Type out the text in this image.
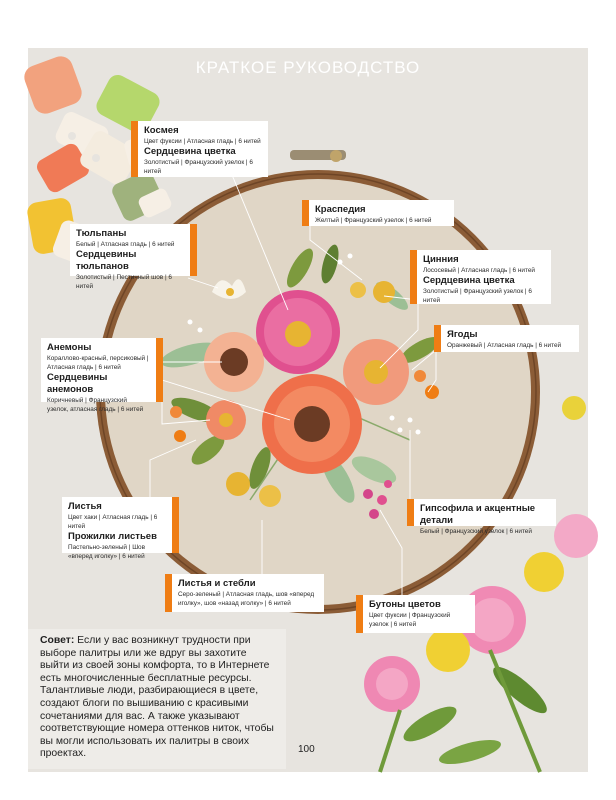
КРАТКОЕ РУКОВОДСТВО
Космея
Цвет фуксии | Атласная гладь | 6 нитей
Сердцевина цветка
Золотистый | Французский узелок | 6 нитей
Тюльпаны
Белый | Атласная гладь | 6 нитей
Сердцевины тюльпанов
Золотистый | Пестичный шов | 6 нитей
Краспедия
Желтый | Французский узелок | 6 нитей
Цинния
Лососевый | Атласная гладь | 6 нитей
Сердцевина цветка
Золотистый | Французский узелок | 6 нитей
Ягоды
Оранжевый | Атласная гладь | 6 нитей
Анемоны
Кораллово-красный, персиковый | Атласная гладь | 6 нитей
Сердцевины анемонов
Коричневый | Французский узелок, атласная гладь | 6 нитей
Листья
Цвет хаки | Атласная гладь | 6 нитей
Прожилки листьев
Пастельно-зеленый | Шов «вперед иголку» | 6 нитей
Гипсофила и акцентные детали
Белый | Французский узелок | 6 нитей
Листья и стебли
Серо-зеленый | Атласная гладь, шов «вперед иголку», шов «назад иголку» | 6 нитей	Бутоны цветов
Цвет фуксии | Французский узелок | 6 нитей

Совет: Если у вас возникнут трудности при выборе палитры или же вдруг вы захотите выйти из своей зоны комфорта, то в Интернете есть многочисленные бесплатные ресурсы. Талантливые люди, разбирающиеся в цвете, создают блоги по вышиванию с красивыми сочетаниями для вас. А также указывают соответствующие номера оттенков ниток, чтобы вы могли использовать их палитры в своих проектах.	100
